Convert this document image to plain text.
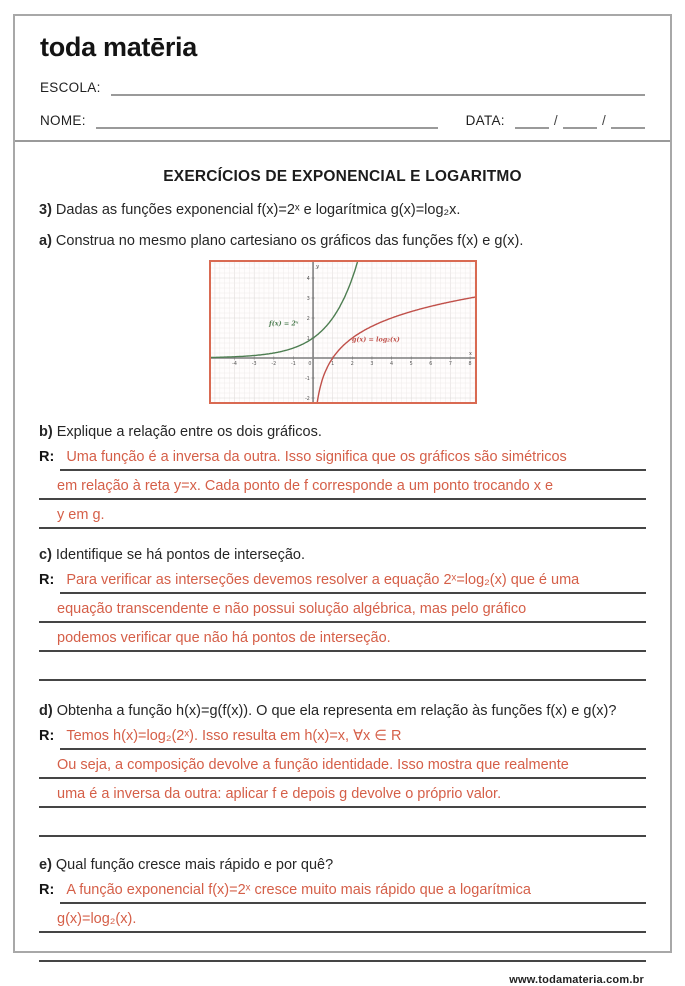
toda matēria
ESCOLA:
NOME:	DATA:	/	/
EXERCÍCIOS DE EXPONENCIAL E LOGARITMO

3) Dadas as funções exponencial f(x)=2ˣ e logarítmica g(x)=log₂x.

a) Construa no mesmo plano cartesiano os gráficos das funções f(x) e g(x).

-4	-3	-2	-1	0	1	2	3	4	5	6	7	8
-2
-1
1
2
3
4
y
x
f(x) = 2ˣ
g(x) = log₂(x)

b) Explique a relação entre os dois gráficos.

R: Uma função é a inversa da outra. Isso significa que os gráficos são simétricos
em relação à reta y=x. Cada ponto de f corresponde a um ponto trocando x e
y em g.

c) Identifique se há pontos de interseção.

R: Para verificar as interseções devemos resolver a equação 2ˣ=log₂(x) que é uma
equação transcendente e não possui solução algébrica, mas pelo gráfico
podemos verificar que não há pontos de interseção.

d) Obtenha a função h(x)=g(f(x)). O que ela representa em relação às funções f(x) e g(x)?

R: Temos h(x)=log₂(2ˣ). Isso resulta em h(x)=x, ∀x ∈ R
Ou seja, a composição devolve a função identidade. Isso mostra que realmente
uma é a inversa da outra: aplicar f e depois g devolve o próprio valor.

e) Qual função cresce mais rápido e por quê?

R: A função exponencial f(x)=2ˣ cresce muito mais rápido que a logarítmica
g(x)=log₂(x).
www.todamateria.com.br
